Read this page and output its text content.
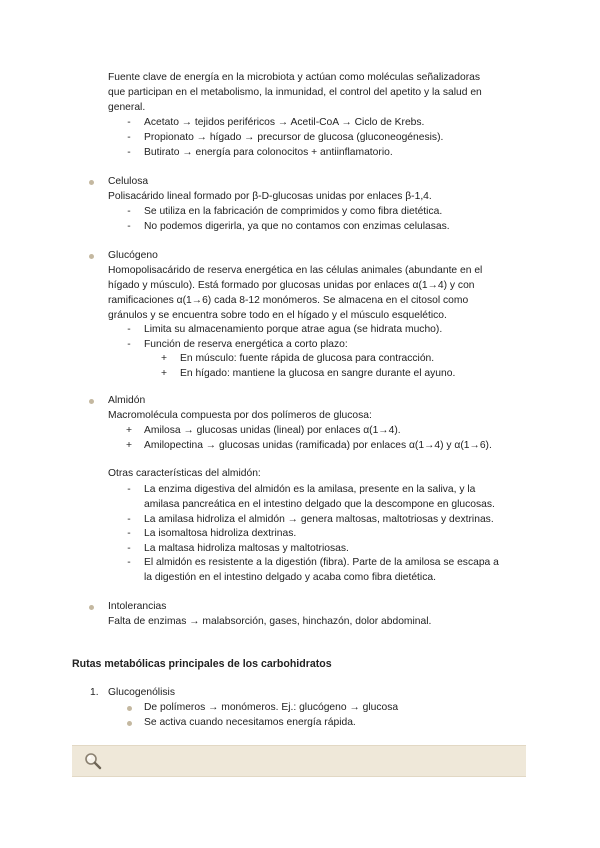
Fuente clave de energía en la microbiota y actúan como moléculas señalizadoras
que participan en el metabolismo, la inmunidad, el control del apetito y la salud en
general.
- Acetato → tejidos periféricos → Acetil-CoA → Ciclo de Krebs.
- Propionato → hígado → precursor de glucosa (gluconeogénesis).
- Butirato → energía para colonocitos + antiinflamatorio.
Celulosa
Polisacárido lineal formado por β-D-glucosas unidas por enlaces β-1,4.
- Se utiliza en la fabricación de comprimidos y como fibra dietética.
- No podemos digerirla, ya que no contamos con enzimas celulasas.
Glucógeno
Homopolisacárido de reserva energética en las células animales (abundante en el
hígado y músculo). Está formado por glucosas unidas por enlaces α(1→4) y con
ramificaciones α(1→6) cada 8-12 monómeros. Se almacena en el citosol como
gránulos y se encuentra sobre todo en el hígado y el músculo esquelético.
- Limita su almacenamiento porque atrae agua (se hidrata mucho).
- Función de reserva energética a corto plazo:
+ En músculo: fuente rápida de glucosa para contracción.
+ En hígado: mantiene la glucosa en sangre durante el ayuno.
Almidón
Macromolécula compuesta por dos polímeros de glucosa:
+ Amilosa → glucosas unidas (lineal) por enlaces α(1→4).
+ Amilopectina → glucosas unidas (ramificada) por enlaces α(1→4) y α(1→6).
Otras características del almidón:
- La enzima digestiva del almidón es la amilasa, presente en la saliva, y la
amilasa pancreática en el intestino delgado que la descompone en glucosas.
- La amilasa hidroliza el almidón → genera maltosas, maltotriosas y dextrinas.
- La isomaltosa hidroliza dextrinas.
- La maltasa hidroliza maltosas y maltotriosas.
- El almidón es resistente a la digestión (fibra). Parte de la amilosa se escapa a
la digestión en el intestino delgado y acaba como fibra dietética.
Intolerancias
Falta de enzimas → malabsorción, gases, hinchazón, dolor abdominal.
Rutas metabólicas principales de los carbohidratos
1. Glucogenólisis
De polímeros → monómeros. Ej.: glucógeno → glucosa
Se activa cuando necesitamos energía rápida.
